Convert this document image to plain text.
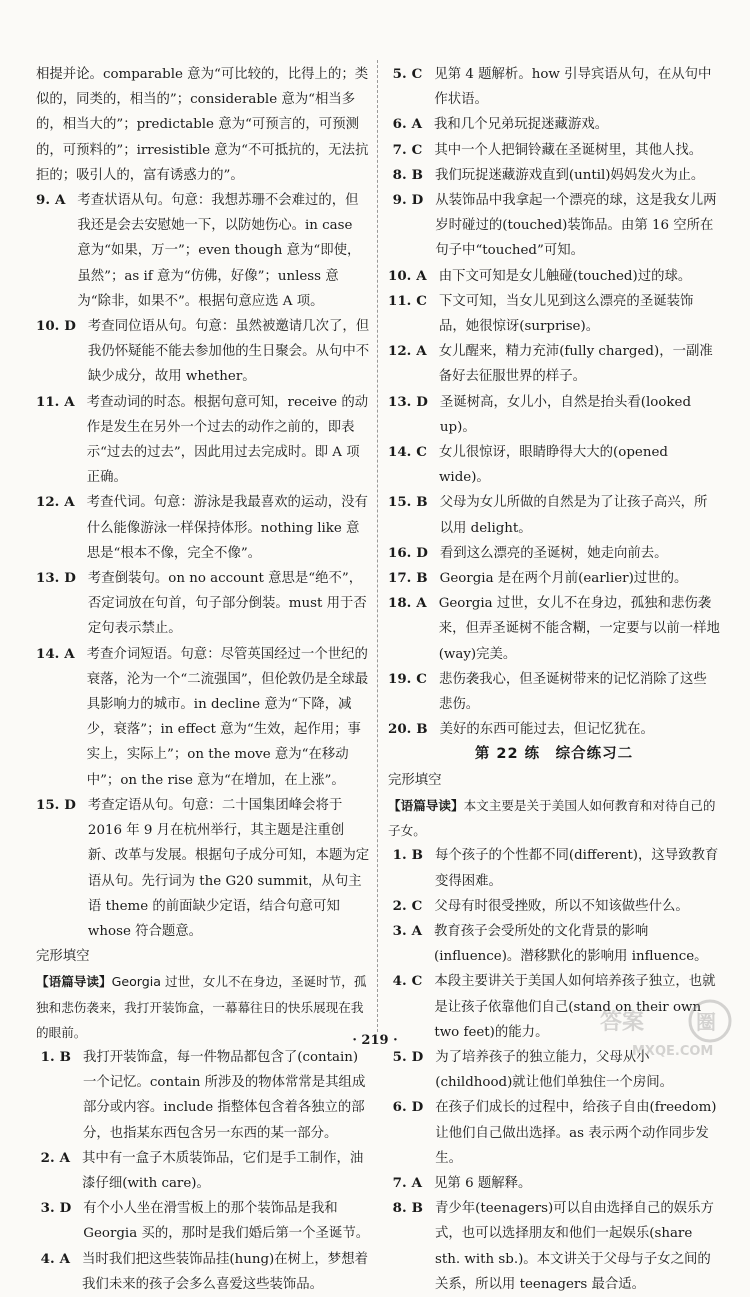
相提并论。comparable 意为“可比较的，比得上的；类似的，同类的，相当的”；considerable 意为“相当多的，相当大的”；predictable 意为“可预言的，可预测的，可预料的”；irresistible 意为“不可抵抗的，无法抗拒的；吸引人的，富有诱惑力的”。

9. A 考查状语从句。句意：我想苏珊不会难过的，但我还是会去安慰她一下，以防她伤心。in case 意为“如果，万一”；even though 意为“即使，虽然”；as if 意为“仿佛，好像”；unless 意为“除非，如果不”。根据句意应选 A 项。
10. D 考查同位语从句。句意：虽然被邀请几次了，但我仍怀疑能不能去参加他的生日聚会。从句中不缺少成分，故用 whether。
11. A 考查动词的时态。根据句意可知，receive 的动作是发生在另外一个过去的动作之前的，即表示“过去的过去”，因此用过去完成时。即 A 项正确。
12. A 考查代词。句意：游泳是我最喜欢的运动，没有什么能像游泳一样保持体形。nothing like 意思是“根本不像，完全不像”。
13. D 考查倒装句。on no account 意思是“绝不”，否定词放在句首，句子部分倒装。must 用于否定句表示禁止。
14. A 考查介词短语。句意：尽管英国经过一个世纪的衰落，沦为一个“二流强国”，但伦敦仍是全球最具影响力的城市。in decline 意为“下降，减少，衰落”；in effect 意为“生效，起作用；事实上，实际上”；on the move 意为“在移动中”；on the rise 意为“在增加，在上涨”。
15. D 考查定语从句。句意：二十国集团峰会将于 2016 年 9 月在杭州举行，其主题是注重创新、改革与发展。根据句子成分可知，本题为定语从句。先行词为 the G20 summit，从句主语 theme 的前面缺少定语，结合句意可知 whose 符合题意。

完形填空

【语篇导读】Georgia 过世，女儿不在身边，圣诞时节，孤独和悲伤袭来，我打开装饰盒，一幕幕往日的快乐展现在我的眼前。

1. B 我打开装饰盒，每一件物品都包含了(contain)一个记忆。contain 所涉及的物体常常是其组成部分或内容。include 指整体包含着各独立的部分，也指某东西包含另一东西的某一部分。
2. A 其中有一盒子木质装饰品，它们是手工制作，油漆仔细(with care)。
3. D 有个小人坐在滑雪板上的那个装饰品是我和 Georgia 买的，那时是我们婚后第一个圣诞节。
4. A 当时我们把这些装饰品挂(hung)在树上，梦想着我们未来的孩子会多么喜爱这些装饰品。
5. C 见第 4 题解析。how 引导宾语从句，在从句中作状语。
6. A 我和几个兄弟玩捉迷藏游戏。
7. C 其中一个人把铜铃藏在圣诞树里，其他人找。
8. B 我们玩捉迷藏游戏直到(until)妈妈发火为止。
9. D 从装饰品中我拿起一个漂亮的球，这是我女儿两岁时碰过的(touched)装饰品。由第 16 空所在句子中“touched”可知。
10. A 由下文可知是女儿触碰(touched)过的球。
11. C 下文可知，当女儿见到这么漂亮的圣诞装饰品，她很惊讶(surprise)。
12. A 女儿醒来，精力充沛(fully charged)，一副准备好去征服世界的样子。
13. D 圣诞树高，女儿小，自然是抬头看(looked up)。
14. C 女儿很惊讶，眼睛睁得大大的(opened wide)。
15. B 父母为女儿所做的自然是为了让孩子高兴，所以用 delight。
16. D 看到这么漂亮的圣诞树，她走向前去。
17. B Georgia 是在两个月前(earlier)过世的。
18. A Georgia 过世，女儿不在身边，孤独和悲伤袭来，但弄圣诞树不能含糊，一定要与以前一样地(way)完美。
19. C 悲伤袭我心，但圣诞树带来的记忆消除了这些悲伤。
20. B 美好的东西可能过去，但记忆犹在。

第 22 练　综合练习二

完形填空

【语篇导读】本文主要是关于美国人如何教育和对待自己的子女。

1. B 每个孩子的个性都不同(different)，这导致教育变得困难。
2. C 父母有时很受挫败，所以不知该做些什么。
3. A 教育孩子会受所处的文化背景的影响(influence)。潜移默化的影响用 influence。
4. C 本段主要讲关于美国人如何培养孩子独立，也就是让孩子依靠他们自己(stand on their own two feet)的能力。
5. D 为了培养孩子的独立能力，父母从小(childhood)就让他们单独住一个房间。
6. D 在孩子们成长的过程中，给孩子自由(freedom)让他们自己做出选择。as 表示两个动作同步发生。
7. A 见第 6 题解释。
8. B 青少年(teenagers)可以自由选择自己的娱乐方式，也可以选择朋友和他们一起娱乐(share sth. with sb.)。本文讲关于父母与子女之间的关系，所以用 teenagers 最合适。
· 219 ·
答案	圈
MXQE.COM
